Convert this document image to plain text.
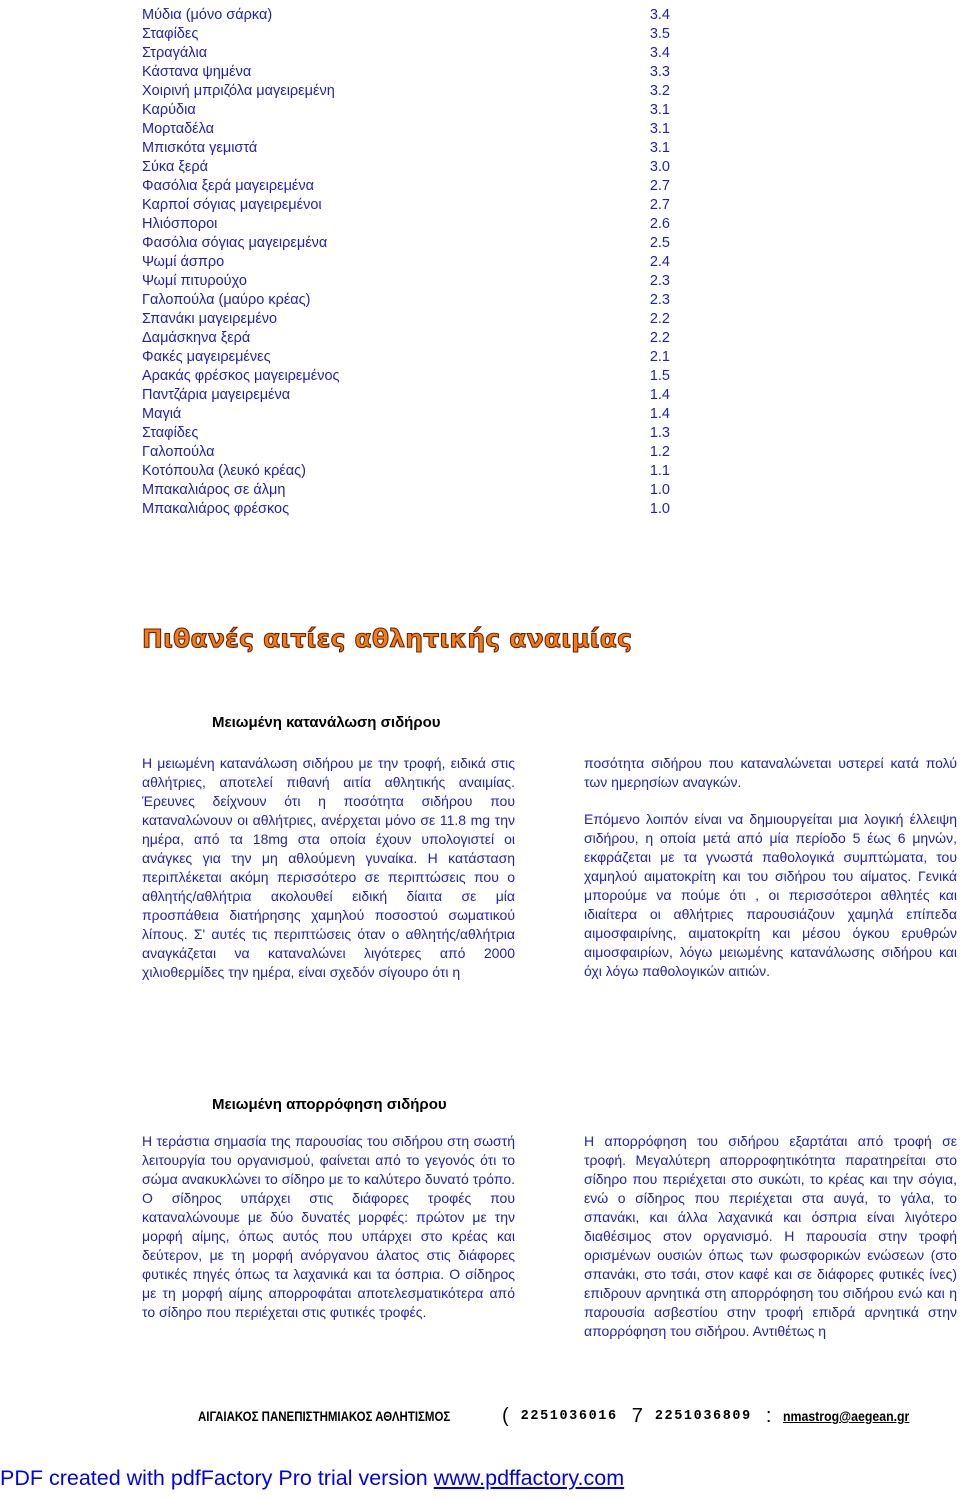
Μύδια (μόνο σάρκα)	3.4
Σταφίδες	3.5
Στραγάλια	3.4
Κάστανα ψημένα	3.3
Χοιρινή μπριζόλα μαγειρεμένη	3.2
Καρύδια	3.1
Μορταδέλα	3.1
Μπισκότα γεμιστά	3.1
Σύκα ξερά	3.0
Φασόλια ξερά μαγειρεμένα	2.7
Καρποί σόγιας μαγειρεμένοι	2.7
Ηλιόσποροι	2.6
Φασόλια σόγιας μαγειρεμένα	2.5
Ψωμί άσπρο	2.4
Ψωμί πιτυρούχο	2.3
Γαλοπούλα (μαύρο κρέας)	2.3
Σπανάκι μαγειρεμένο	2.2
Δαμάσκηνα ξερά	2.2
Φακές μαγειρεμένες	2.1
Αρακάς φρέσκος μαγειρεμένος	1.5
Παντζάρια μαγειρεμένα	1.4
Μαγιά	1.4
Σταφίδες	1.3
Γαλοπούλα	1.2
Κοτόπουλα (λευκό κρέας)	1.1
Μπακαλιάρος σε άλμη	1.0
Μπακαλιάρος φρέσκος	1.0
Πιθανές αιτίες αθλητικής αναιμίας
Μειωμένη κατανάλωση σιδήρου

Η μειωμένη κατανάλωση σιδήρου με την τροφή, ειδικά στις αθλήτριες, αποτελεί πιθανή αιτία αθλητικής αναιμίας. Έρευνες δείχνουν ότι η ποσότητα σιδήρου που καταναλώνουν οι αθλήτριες, ανέρχεται μόνο σε 11.8 mg την ημέρα, από τα 18mg στα οποία έχουν υπολογιστεί οι ανάγκες για την μη αθλούμενη γυναίκα. Η κατάσταση περιπλέκεται ακόμη περισσότερο σε περιπτώσεις που ο αθλητής/αθλήτρια ακολουθεί ειδική δίαιτα σε μία προσπάθεια διατήρησης χαμηλού ποσοστού σωματικού λίπους. Σ' αυτές τις περιπτώσεις όταν ο αθλητής/αθλήτρια αναγκάζεται να καταναλώνει λιγότερες από 2000 χιλιοθερμίδες την ημέρα, είναι σχεδόν σίγουρο ότι η

ποσότητα σιδήρου που καταναλώνεται υστερεί κατά πολύ των ημερησίων αναγκών.

Επόμενο λοιπόν είναι να δημιουργείται μια λογική έλλειψη σιδήρου, η οποία μετά από μία περίοδο 5 έως 6 μηνών, εκφράζεται με τα γνωστά παθολογικά συμπτώματα, του χαμηλού αιματοκρίτη και του σιδήρου του αίματος. Γενικά μπορούμε να πούμε ότι , οι περισσότεροι αθλητές και ιδιαίτερα οι αθλήτριες παρουσιάζουν χαμηλά επίπεδα αιμοσφαιρίνης, αιματοκρίτη και μέσου όγκου ερυθρών αιμοσφαιρίων, λόγω μειωμένης κατανάλωσης σιδήρου και όχι λόγω παθολογικών αιτιών.

Μειωμένη απορρόφηση σιδήρου

Η τεράστια σημασία της παρουσίας του σιδήρου στη σωστή λειτουργία του οργανισμού, φαίνεται από το γεγονός ότι το σώμα ανακυκλώνει το σίδηρο με το καλύτερο δυνατό τρόπο. Ο σίδηρος υπάρχει στις διάφορες τροφές που καταναλώνουμε με δύο δυνατές μορφές: πρώτον με την μορφή αίμης, όπως αυτός που υπάρχει στο κρέας και δεύτερον, με τη μορφή ανόργανου άλατος στις διάφορες φυτικές πηγές όπως τα λαχανικά και τα όσπρια. Ο σίδηρος με τη μορφή αίμης απορροφάται αποτελεσματικότερα από το σίδηρο που περιέχεται στις φυτικές τροφές.

Η απορρόφηση του σιδήρου εξαρτάται από τροφή σε τροφή. Μεγαλύτερη απορροφητικότητα παρατηρείται στο σίδηρο που περιέχεται στο συκώτι, το κρέας και την σόγια, ενώ ο σίδηρος που περιέχεται στα αυγά, το γάλα, το σπανάκι, και άλλα λαχανικά και όσπρια είναι λιγότερο διαθέσιμος στον οργανισμό. Η παρουσία στην τροφή ορισμένων ουσιών όπως των φωσφορικών ενώσεων (στο σπανάκι, στο τσάι, στον καφέ και σε διάφορες φυτικές ίνες) επιδρουν αρνητικά στη απορρόφηση του σιδήρου ενώ και η παρουσία ασβεστίου στην τροφή επιδρά αρνητικά στην απορρόφηση του σιδήρου. Αντιθέτως η

ΑΙΓΑΙΑΚΟΣ ΠΑΝΕΠΙΣΤΗΜΙΑΚΟΣ ΑΘΛΗΤΙΣΜΟΣ	( 2251036016 7 2251036809 : nmastrog@aegean.gr
PDF created with pdfFactory Pro trial version www.pdffactory.com
